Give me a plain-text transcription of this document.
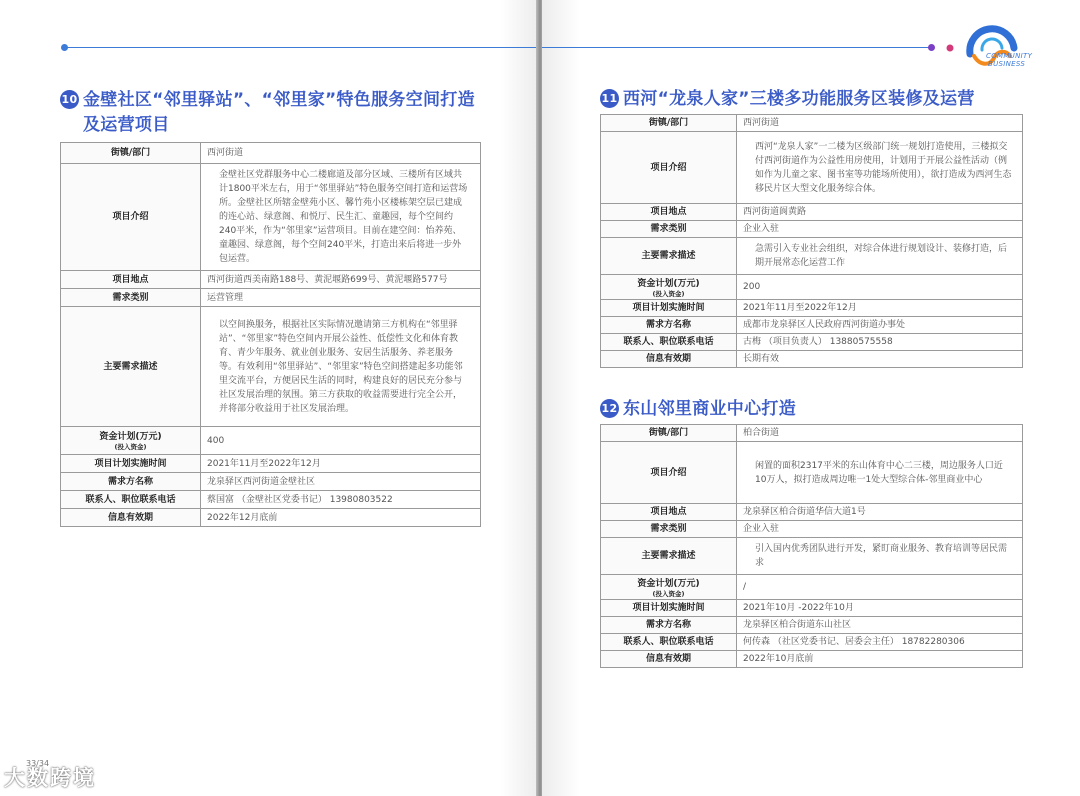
10 金壁社区“邻里驿站”、“邻里家”特色服务空间打造
及运营项目
街镇/部门	西河街道
项目介绍	金壁社区党群服务中心二楼廊道及部分区域、三楼所有区域共计1800平米左右，用于“邻里驿站”特色服务空间打造和运营场所。金壁社区所辖金壁苑小区、馨竹苑小区楼栋架空层已建成的连心站、绿意阁、和悦厅、民生汇、童趣园，每个空间约240平米，作为“邻里家”运营项目。目前在建空间：怡养苑、童趣园、绿意阁，每个空间240平米，打造出来后将进一步外包运营。
项目地点	西河街道西美南路188号、黄泥堰路699号、黄泥堰路577号
需求类别	运营管理
主要需求描述	以空间换服务，根据社区实际情况邀请第三方机构在“邻里驿站”、“邻里家”特色空间内开展公益性、低偿性文化和体育教育、青少年服务、就业创业服务、安居生活服务、养老服务等。有效利用“邻里驿站”、“邻里家”特色空间搭建起多功能邻里交流平台，方便居民生活的同时，构建良好的居民充分参与社区发展治理的氛围。第三方获取的收益需要进行完全公开，并将部分收益用于社区发展治理。
资金计划(万元)
(投入资金)	400
项目计划实施时间	2021年11月至2022年12月
需求方名称	龙泉驿区西河街道金壁社区
联系人、职位联系电话	蔡国富 （金壁社区党委书记） 13980803522
信息有效期	2022年12月底前
33/34
11 西河“龙泉人家”三楼多功能服务区装修及运营
街镇/部门	西河街道
项目介绍	西河“龙泉人家”一二楼为区级部门统一规划打造使用，三楼拟交付西河街道作为公益性用房使用，计划用于开展公益性活动（例如作为儿童之家、图书室等功能场所使用），欲打造成为西河生态移民片区大型文化服务综合体。
项目地点	西河街道阆黄路
需求类别	企业入驻
主要需求描述	急需引入专业社会组织，对综合体进行规划设计、装修打造，后期开展常态化运营工作
资金计划(万元)
(投入资金)	200
项目计划实施时间	2021年11月至2022年12月
需求方名称	成都市龙泉驿区人民政府西河街道办事处
联系人、职位联系电话	古梅 （项目负责人） 13880575558
信息有效期	长期有效
12 东山邻里商业中心打造
街镇/部门	柏合街道
项目介绍	闲置的面积2317平米的东山体育中心二三楼，周边服务人口近10万人，拟打造成周边唯一1处大型综合体-邻里商业中心
项目地点	龙泉驿区柏合街道华信大道1号
需求类别	企业入驻
主要需求描述	引入国内优秀团队进行开发，紧盯商业服务、教育培训等居民需求
资金计划(万元)
(投入资金)	/
项目计划实施时间	2021年10月 -2022年10月
需求方名称	龙泉驿区柏合街道东山社区
联系人、职位联系电话	何传森 （社区党委书记、居委会主任） 18782280306
信息有效期	2022年10月底前
COMMUNITY
BUSINESS
大数跨境
